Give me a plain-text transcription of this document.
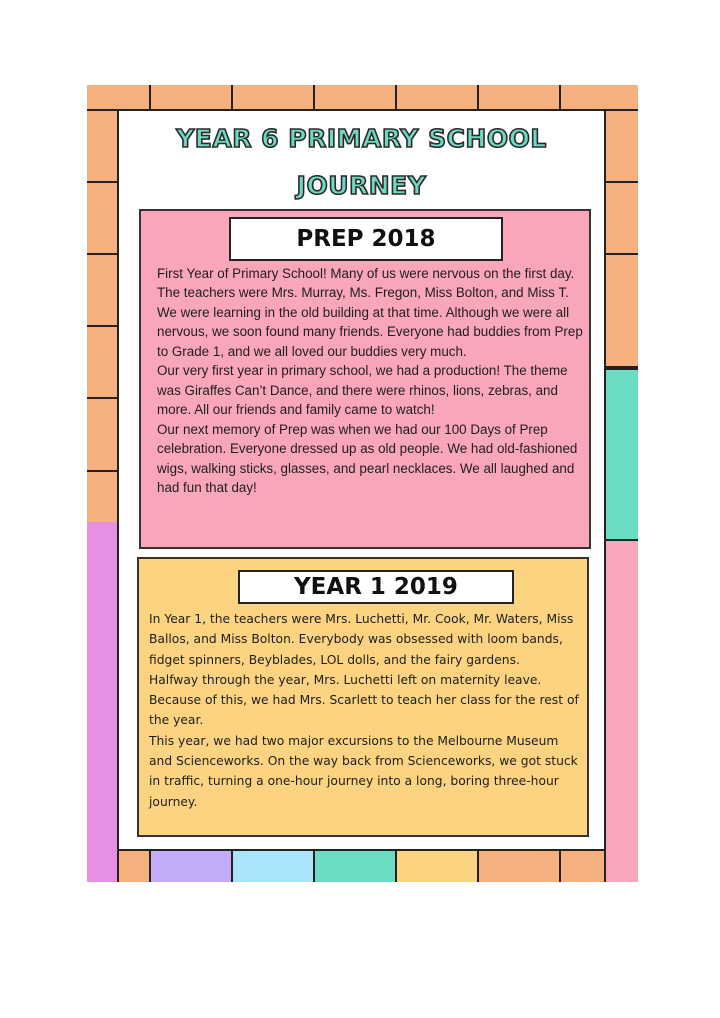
YEAR 6 PRIMARY SCHOOL
JOURNEY
PREP 2018

First Year of Primary School! Many of us were nervous on the first day. The teachers were Mrs. Murray, Ms. Fregon, Miss Bolton, and Miss T. We were learning in the old building at that time. Although we were all nervous, we soon found many friends. Everyone had buddies from Prep to Grade 1, and we all loved our buddies very much.

Our very first year in primary school, we had a production! The theme was Giraffes Can’t Dance, and there were rhinos, lions, zebras, and more. All our friends and family came to watch!

Our next memory of Prep was when we had our 100 Days of Prep celebration. Everyone dressed up as old people. We had old-fashioned wigs, walking sticks, glasses, and pearl necklaces. We all laughed and had fun that day!

YEAR 1 2019

In Year 1, the teachers were Mrs. Luchetti, Mr. Cook, Mr. Waters, Miss Ballos, and Miss Bolton. Everybody was obsessed with loom bands, fidget spinners, Beyblades, LOL dolls, and the fairy gardens.

Halfway through the year, Mrs. Luchetti left on maternity leave. Because of this, we had Mrs. Scarlett to teach her class for the rest of the year.

This year, we had two major excursions to the Melbourne Museum and Scienceworks. On the way back from Scienceworks, we got stuck in traffic, turning a one-hour journey into a long, boring three-hour journey.
